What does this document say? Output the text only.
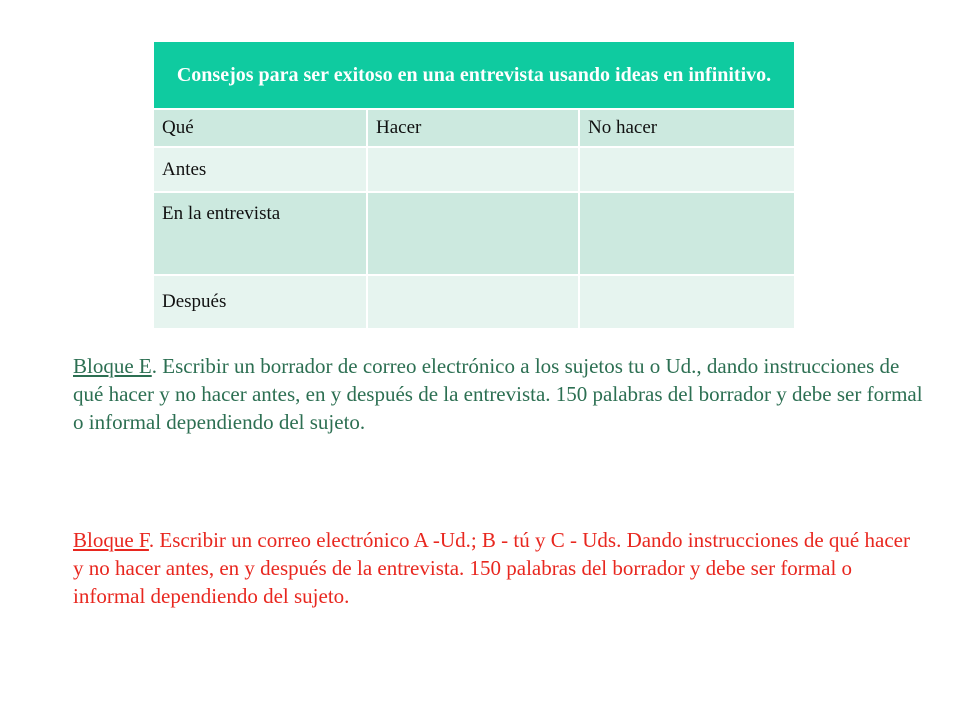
Consejos para ser exitoso en una entrevista usando ideas en infinitivo.		
Qué	Hacer	No hacer
Antes		
En la entrevista		
Después		
Bloque E. Escribir un borrador de correo electrónico a los sujetos tu o Ud., dando instrucciones de qué hacer y no hacer antes, en y después de la entrevista. 150 palabras del borrador y debe ser formal o informal dependiendo del sujeto.
Bloque F. Escribir un correo electrónico A -Ud.; B - tú y C - Uds. Dando instrucciones de qué hacer y no hacer antes, en y después de la entrevista. 150 palabras del borrador y debe ser formal o informal dependiendo del sujeto.
